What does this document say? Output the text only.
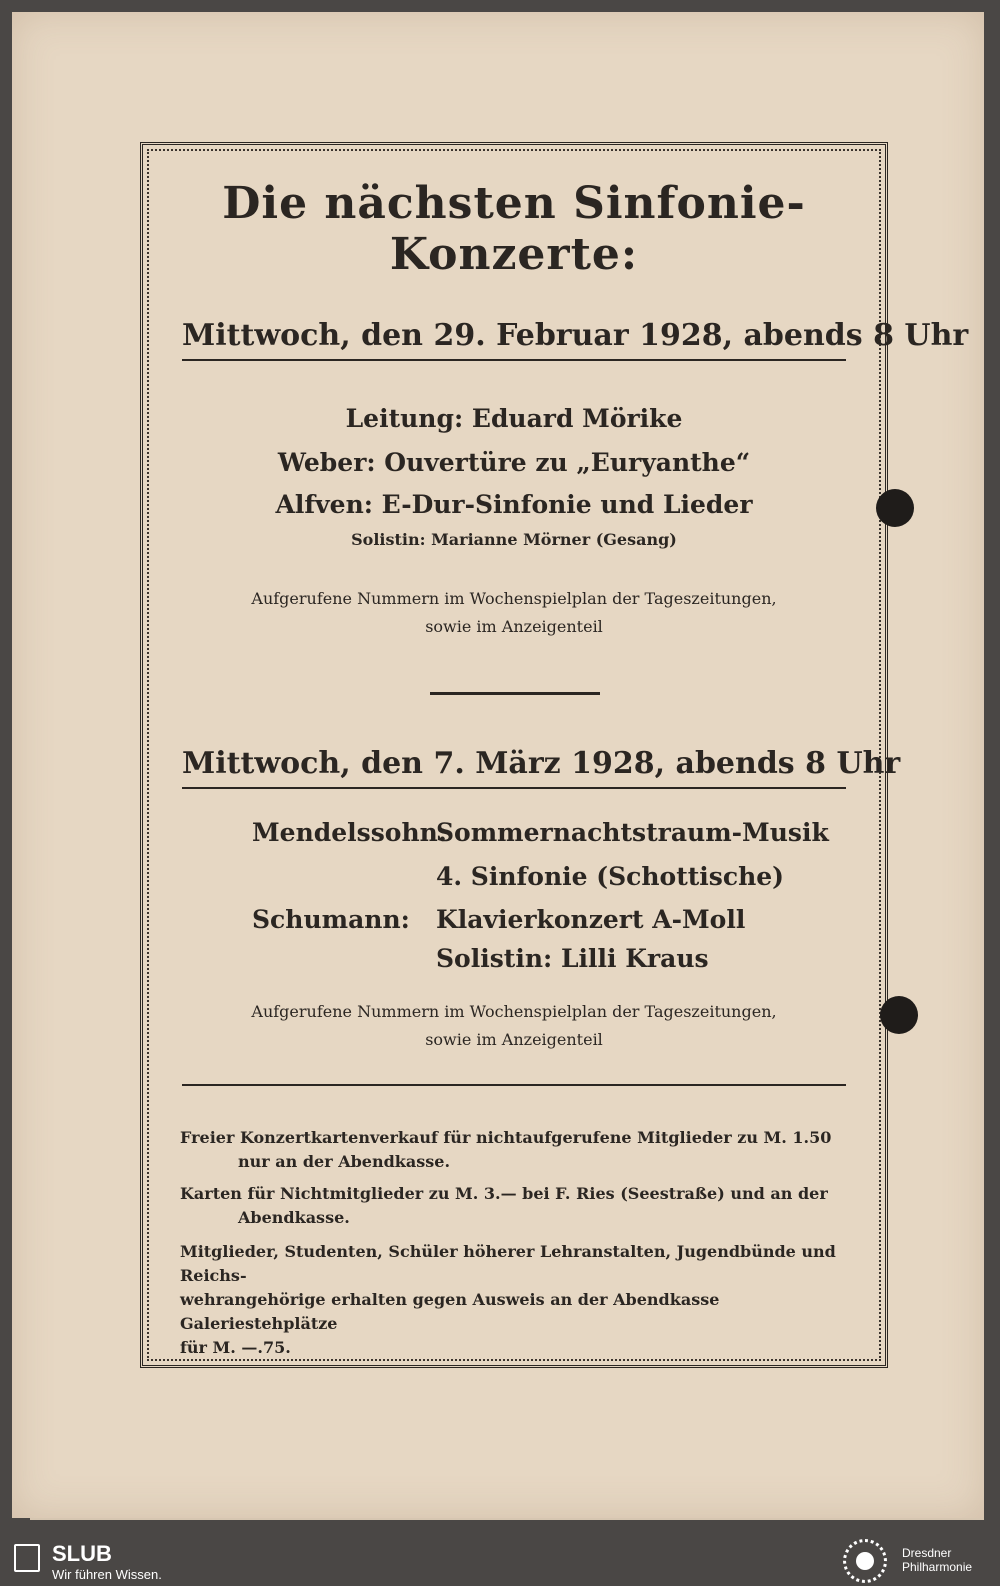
Die nächsten Sinfonie-Konzerte:
Mittwoch, den 29. Februar 1928, abends 8 Uhr
Leitung: Eduard Mörike
Weber: Ouvertüre zu „Euryanthe“
Alfven: E-Dur-Sinfonie und Lieder
Solistin: Marianne Mörner (Gesang)
Aufgerufene Nummern im Wochenspielplan der Tageszeitungen,
sowie im Anzeigenteil
Mittwoch, den 7. März 1928, abends 8 Uhr
Mendelssohn:
Sommernachtstraum-Musik
4. Sinfonie (Schottische)
Schumann: Klavierkonzert A-Moll
Solistin: Lilli Kraus
Aufgerufene Nummern im Wochenspielplan der Tageszeitungen,
sowie im Anzeigenteil
Freier Konzertkartenverkauf für nichtaufgerufene Mitglieder zu M. 1.50
nur an der Abendkasse.
Karten für Nichtmitglieder zu M. 3.— bei F. Ries (Seestraße) und an der
Abendkasse.
Mitglieder, Studenten, Schüler höherer Lehranstalten, Jugendbünde und Reichs-
wehrangehörige erhalten gegen Ausweis an der Abendkasse Galeriestehplätze
für M. —.75.
SLUB
Wir führen Wissen.
Dresdner
Philharmonie
